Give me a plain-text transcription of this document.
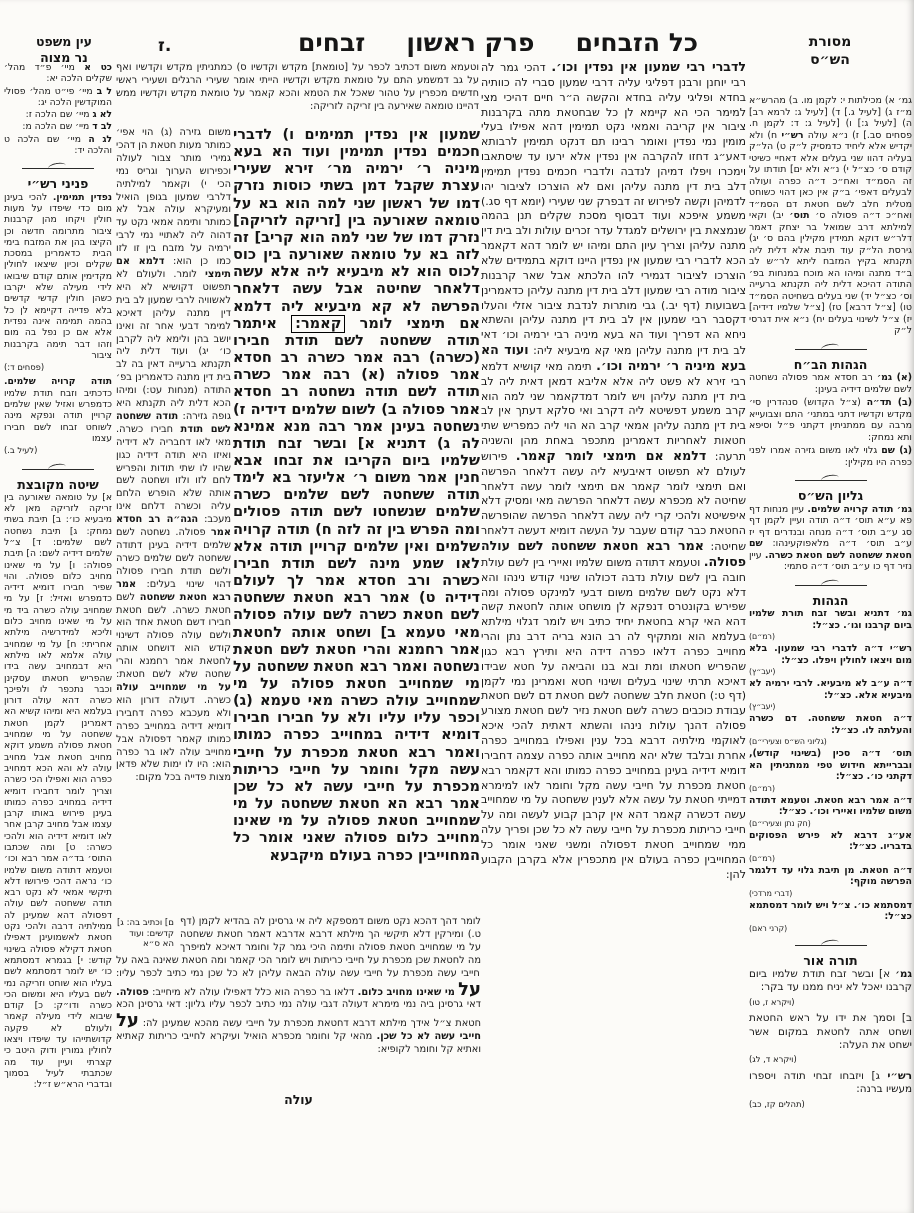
מסורת
הש״ס
כל הזבחים
פרק ראשון
זבחים
עין משפט
נר מצוה
ז.
כט א מיי׳ פ״ד מהל׳ שקלים הלכה יא:
ל ב מיי׳ פי״ט מהל׳ פסולי המוקדשין הלכה יג:
לא ג מיי׳ שם הלכה ז:
לב ד מיי׳ שם הלכה מ:
לג ה מיי׳ שם הלכה ט והלכה יד:
פניני רש״י
נפדין תמימין. להכי בעינן מום כדי שיפדו על מעות חולין ויקחו מהן קרבנות ציבור מתרומה חדשה וכן הקיצו בהן את המזבח בימי הבית כדאמרינן במסכת שקלים וכיון שיצאו לחולין מקדימין אותם קודם שיבואו לידי מעילה שלא יקרבו כשהן חולין קדשי קדשים בלא פדייה דקיימא לן כל בהמה תמימה אינה נפדית אלא אם כן נפל בה מום וזהו דבר תימה בקרבנות ציבור
(פסחים ד:)
תודה קרויה שלמים. כדכתיב וזבח תודת שלמיו כדמפרש ואזיל שאין שלמים קרויין תודה ונפקא מינה לשוחט זבחו לשם חבירו עצמו
(לעיל ב.)
שיטה מקובצת
א] על טומאה שאורעה בין זריקה לזריקה מאן לא מיבעיא כו׳: ב] תיבת בשתי נמחק: ג] תיבת נשחטה לשם שלמים: ד] צ״ל שלמים דידיה לשם: ה] תיבת פסולה: ו] על מי שאינו מחויב כלום פסולה. והוי שפיר חבירו דומיא דידיה כדמפרש ואזיל: ז] על מי שמחויב עולה כשרה ביד מי על מי שאינו מחויב כלום וליכא למידרשיה מילתא אחריתי: ח] על מי שמחויב עולה אלמא לאו מילתא היא דבמחויב עשה בידו שהפריש חטאתו עסקינן וכבר נתכפר לו ולפיכך כשרה דהא עולה דורון בעלמא היא ומיהו קשיא הא דאמרינן לקמן חטאת ששחטה על מי שמחויב חטאת פסולה משמע דוקא מחויב חטאת אבל מחויב עולה לא והא הכא דמחויב כפרה הוא ואפילו הכי כשרה וצריך לומר דחבירו דומיא דידיה במחויב כפרה כמותו בעינן פירוש באותו קרבן עצמו אבל מחויב קרבן אחר לאו דומיא דידיה הוא ולהכי כשרה: ט] ומה שכתבו התוס׳ בד״ה אמר רבא וכו׳ וטעמא דתודה משום שלמיו כו׳ נראה דהכי פירושו דלא תיקשי אמאי לא נקט רבא תודה ששחטה לשם עולה דפסולה דהא שמעינן לה ממילתיה דרבה ולהכי נקט חטאת לאשמועינן דאפילו חטאת דקילא פסולה בשינוי קודש: י] בגמרא דמסתמא כו׳ יש לומר דמסתמא לשם בעליו הוא שוחט וזריקה נמי לשם בעליו היא ומשום הכי כשרה ודו״ק: כ] קודם שיבוא לידי מעילה קאמר ולעולם לא פקעה קדושתייהו עד שיפדו ויצאו לחולין גמורין ודוק היטב כי קצרתי ועיין עוד מה שכתבתי לעיל בסמוך ובדברי הרא״ש ז״ל:
וטעמא משום דכתיב לכפר על [טומאת] מקדש וקדשיו ס) כמתניתין מקדש וקדשיו ואף על גב דמשמע התם על טומאת מקדש וקדשיו הייתי אומר שעירי הרגלים ושעירי ראשי חדשים מכפרין על טהור שאכל את הטמא והכא קאמר על טומאת מקדש וקדשיו ממש דהיינו טומאה שאירעה בין זריקה לזריקה:
משום גזירה (ג) הוי אפי׳ כמותר מעות חטאת הן דהכי גמירי מותר צבור לעולה וכפירוש הערוך וגריס נמי הכי י) וקאמר למילתיה דלרבי שמעון בגופן הואיל ומעיקרא עולה אבל לא כמותר ותימה אמאי נקט עד דהוה ליה לאתויי נמי לרבי ירמיה על מזבח בין זו לזו כמו כן הוא: דלמא אם תימצי לומר. ולעולם לא תפשוט דקושיא לא היא לאשוויה לרבי שמעון לב בית דין מתנה עליהן דאיכא למימר דבעי אחר זה ואינו יושב בהן ולימא ליה לקרבן כו׳ יג) ועוד דלית ליה תקנתא ברעייה דאין בה לב בית דין מתנה כדאמרינן בפ׳ התודה (מנחות עט:) ומיהו הכא דלית ליה תקנתא היא גופה גזירה: תודה ששחטה לשם תודת חבירו כשרה. מאי לאו דחבריה לא דידיה ואיזו היא תודה דידיה כגון שהיו לו שתי תודות והפריש לחם לזו ולזו ושחטה לשם אותה שלא הופרש הלחם עליה וכשרה דלחם אינו מעכב: הגה״ה רב חסדא אמר פסולה. נשחטה לשם שלמים דידיה בעינן דתודה ששחטה לשם שלמים כשרה ולשם תודת חבירו פסולה דהוי שינוי בעלים: אמר רבא חטאת ששחטה לשם חטאת כשרה. לשם חטאת חבירו דשם חטאת אחד הוא ולשם עולה פסולה דשינוי קודש הוא דושחט אותה לחטאת אמר רחמנא והרי שחטה שלא לשם חטאת: על מי שמחוייב עולה כשרה. דעולה דורון הוא ולא מעכבא כפרה דחבירו דומיא דידיה במחוייב כפרה כמותו קאמר דפסולה אבל מחוייב עולה לאו בר כפרה הוא: היו לו ימות שלא פדאן מצות פדייה בכל מקום:
שמעון אין נפדין תמימים ו) לדברי חכמים נפדין תמימין ועוד הא בעא מיניה ר׳ ירמיה מר׳ זירא שעירי עצרת שקבל דמן בשתי כוסות נזרק דמו של ראשון שני למה הוא בא על טומאה שאורעה בין [זריקה לזריקה] נזרק דמו של שני למה הוא קריב] זה לזה בא על טומאה שאורעה בין כוס לכוס הוא לא מיבעיא ליה אלא עשה דלאחר שחיטה אבל עשה דלאחר הפרשה לא קא מיבעיא ליה דלמא אם תימצי לומר קאמר: איתמר תודה ששחטה לשם תודת חבירו (כשרה) רבה אמר כשרה רב חסדא אמר פסולה (א) רבה אמר כשרה תודה לשם תודה נשחטה רב חסדא אמר פסולה ב) לשום שלמים דידיה ז) נשחטה בעינן אמר רבה מנא אמינא לה ג) דתניא א] ובשר זבח תודת שלמיו ביום הקריבו את זבחו אבא חנין אמר משום ר׳ אליעזר בא לימד תודה ששחטה לשם שלמים כשרה שלמים שנשחטו לשם תודה פסולים ומה הפרש בין זה לזה ח) תודה קרויה שלמים ואין שלמים קרויין תודה אלא לאו שמע מינה לשם תודת חבירו כשרה ורב חסדא אמר לך לעולם דידיה ט) אמר רבא חטאת ששחטה לשם חטאת כשרה לשם עולה פסולה מאי טעמא ב] ושחט אותה לחטאת אמר רחמנא והרי חטאת לשם חטאת נשחטה ואמר רבא חטאת ששחטה על מי שמחוייב חטאת פסולה על מי שמחוייב עולה כשרה מאי טעמא (ג) וכפר עליו עליו ולא על חבירו חבירו דומיא דידיה במחוייב כפרה כמותו ואמר רבא חטאת מכפרת על חייבי עשה מקל וחומר על חייבי כריתות מכפרת על חייבי עשה לא כל שכן אמר רבא הא חטאת ששחטה על מי שמחוייב חטאת פסולה על מי שאינו מחוייב כלום פסולה שאני אומר כל המחוייבין כפרה בעולם מיקבעא
לדברי רבי שמעון אין נפדין וכו׳. דהכי גמר לה רבי יוחנן ורבנן דפליגי עליה דרבי שמעון סברי לה כוותיה בחדא ופליגי עליה בחדא והקשה ה״ר חיים דהיכי מצי למימר הכי הא קיימא לן כל שבחטאת מתה בקרבנות ציבור אין קריבה ואמאי נקט תמימין דהא אפילו בעלי מומין נמי נפדין ואומר רבינו תם דנקט תמימין לרבותא דאע״ג דחזו להקרבה אין נפדין אלא ירעו עד שיסתאבו וימכרו ויפלו דמיהן לנדבה ולדברי חכמים נפדין תמימין דלב בית דין מתנה עליהן ואם לא הוצרכו לציבור יהו לדמיהן וקשה לפירוש זה דבפרק שני שעירי (יומא דף סג.) משמע איפכא ועוד דבסוף מסכת שקלים תנן בהמה שנמצאת בין ירושלים למגדל עדר זכרים עולות ולב בית דין מתנה עליהן וצריך עיון התם ומיהו יש לומר דהא דקאמר הכא לדברי רבי שמעון אין נפדין היינו דוקא בתמידים שלא הוצרכו לציבור דגמירי להו הלכתא אבל שאר קרבנות ציבור מודה רבי שמעון דלב בית דין מתנה עליהן כדאמרינן בשבועות (דף יב.) גבי מותרות לנדבת ציבור אזלי והעלו דקסבר רבי שמעון אין לב בית דין מתנה עליהן והשתא ניחא הא דפריך ועוד הא בעא מיניה רבי ירמיה וכו׳ דאי לב בית דין מתנה עליהן מאי קא מיבעיא ליה: ועוד הא בעא מיניה ר׳ ירמיה וכו׳. תימה מאי קושיא דלמא רבי זירא לא פשט ליה אלא אליבא דמאן דאית ליה לב בית דין מתנה עליהן ויש לומר דמדקאמר שני למה הוא קרב משמע דפשיטא ליה דקרב ואי סלקא דעתך אין לב בית דין מתנה עליהן אמאי קרב הא הוי ליה כמפריש שתי חטאות לאחריות דאמרינן מתכפר באחת מהן והשניה תרעה: דלמא אם תימצי לומר קאמר. פירוש לעולם לא תפשוט דאיבעיא ליה עשה דלאחר הפרשה ואם תימצי לומר קאמר אם תימצי לומר עשה דלאחר שחיטה לא מכפרא עשה דלאחר הפרשה מאי ומסיק דלא איפשיטא ולהכי קרי ליה עשה דלאחר הפרשה שהופרשה החטאת כבר קודם שעבר על העשה דומיא דעשה דלאחר שחיטה: אמר רבא חטאת ששחטה לשם עולה פסולה. וטעמא דתודה משום שלמיו ואיירי בין לשם עולת חובה בין לשם עולת נדבה דכולהו שינוי קודש נינהו והא דלא נקט לשם שלמים משום דבעי למינקט פסולה ומה שפירש בקונטרס דנפקא לן מושחט אותה לחטאת קשה דהא האי קרא בחטאת יחיד כתיב ויש לומר דגלוי מילתא בעלמא הוא ומתקיף לה רב הונא בריה דרב נתן והרי מחוייב כפרה דלאו כפרה דידה היא ותירץ רבא כגון שהפריש חטאתו ומת ובא בנו והביאה על חטא שבידו דאיכא תרתי שינוי בעלים ושינוי חטא ואמרינן נמי לקמן (דף ט:) חטאת חלב ששחטה לשם חטאת דם לשם חטאת עבודת כוכבים כשרה לשם חטאת נזיר לשם חטאת מצורע פסולה דהנך עולות נינהו והשתא דאתית להכי איכא לאוקמי מילתיה דרבא בכל ענין ואפילו במחוייב כפרה אחרת ובלבד שלא יהא מחוייב אותה כפרה עצמה דחבירו דומיא דידיה בעינן במחוייב כפרה כמותו והא דקאמר רבא חטאת מכפרת על חייבי עשה מקל וחומר לאו למימרא דמייתי חטאת על עשה אלא לענין ששחטה על מי שמחוייב עשה דכשרה קאמר דהא אין קרבן קבוע לעשה ומה על חייבי כריתות מכפרת על חייבי עשה לא כל שכן ופריך עלה ממי שמחוייב חטאת דפסולה ומשני שאני אומר כל המחוייבין כפרה בעולם אין מתכפרין אלא בקרבן הקבוע להן:
גמ׳ א) מכילתות י: לקמן מו. ב) מהרש״א מ״ז ג) [לעיל ג.] ד) [לעיל ג: לרמא רב] ה) [לעיל ג:] ו) [לעיל ג: ד: לקמן ח. פסחים סב.] ז) נ״א עולה רש״י ח) ולא יקדיש אלא ליחיד כדמסיק ל״ק ט) הל״ק בעליה דהוו שני בעלים אלא דאחיי כשיטי קודם ס׳ כצ״ל י) נ״א ולא ים] תודתו על זה הסמ״ד ואח״כ ד״ה כפרה ועולה לבעלים דאפי׳ ב״ק אין כאן דהוי כשוחט מטלית חלב לשם חטאת דם הסמ״ד ואח״כ ד״ה פסולה ס׳ תוס׳ יב) וקאי למילתא דרב שמואל בר יצחק דאמר דלר״ש דוקא תמידין מקילין בהם ס׳ יג) גירסת הל״ק עוד תיבת אלא דלית ליה תקנתא בקיץ המזבח ליתא לר״ש לב ב״ד מתנה ומיהו הא מוכח במנחות בפ׳ התודה דהיכא דלית ליה תקנתא ברעייה וס׳ כצ״ל יד) שני בעלים בשחיטה הסמ״ד טו) [צ״ל דרבא] טז) [צ״ל שלמיו דידיה] יז) צ״ל לשינוי בעלים יח) נ״א אית דגרסי ל״ק
הגהות הב״ח
(א) גמ׳ רב חסדא אמר פסולה נשחטה לשם שלמים דידיה בעינן:
(ב) תד״ה (צ״ל הקדוש) סנהדרין סי׳ מקדש וקדשיו דתני במתני׳ התם וצבועייא מרבה עם ממתניתין דקתני פ״ל וסיפא ותא נמחק:
(ג) שם גלוי לאו משום גזירה אמרו לפני כפרה היו מקילין:
גליון הש״ס
גמ׳ תודה קרויה שלמים. עיין מנחות דף פא ע״א תוס׳ ד״ה תודה ועיין לקמן דף סג ע״ב תוס׳ ד״ה מנחה ובנדרים דף יז ע״ב תוס׳ ד״ה מלאפוקעינהו: שם חטאת ששחטה לשם חטאת כשרה. עיין נזיר דף כו ע״ב תוס׳ ד״ה סתמי:
הגהות
גמ׳ דתניא ובשר זבח תורת שלמיו ביום קרבנו וגו׳. כצ״ל:
(רמ״ם)
רש״י ד״ה לדברי רבי שמעון. בלא מום ויצאו לחולין ויפלו. כצ״ל:
(יעב״ץ)
ד״ה ע״ב לא מיבעיא. לרבי ירמיה לא מיבעיא אלא. כצ״ל:
(יעב״ץ)
ד״ה חטאת ששחטה. דם כשרה והעלתה לו. כצ״ל:
(גליוני הש״ס וצעירי״ם)
תוס׳ ד״ה סכין (בשינוי קודש), ובברייתא חידוש טפי ממתניתין הא דקתני כו׳. כצ״ל:
(רמ״ם)
ד״ה אמר רבא חטאת. וטעמא דתודה משום שלמיו ואיירי וכו׳. כצ״ל:
(חק נתן וצעירי״ם)
אע״ג דרבא לא פירש הפסוקים בדבריו. כצ״ל:
(רמ״ם)
ד״ה חטאת. מן תיבת גלוי עד דלגמר הפרשה מוקף:
(דברי מרדכי)
דמסתמא כו׳. צ״ל ויש לומר דמסתמא כצ״ל:
(קרני ראם)
תורה אור
גמ׳ א] ובשר זבח תודת שלמיו ביום קרבנו יאכל לא יניח ממנו עד בקר:
(ויקרא ז, טו)
ב] וסמך את ידו על ראש החטאת ושחט אתה לחטאת במקום אשר ישחט את העלה:
(ויקרא ד, לג)
רש״י ג] ויזבחו זבחי תודה ויספרו מעשיו ברנה:
(תהלים קז, כב)
ם] וכתיב בה: ג] קדשים: ועוד הא ס״א
לומר דהך דהכא נקט משום דמספקא ליה אי גרסינן לה בהדיא לקמן (דף ט.) ומירקין דלא תיקשי הך מילתא דרבא אדרבא דאמר חטאת ששחטה על מי שמחוייב חטאת פסולה ותימה היכי גמר קל וחומר דאיכא למיפרך מה לחטאת שכן מכפרת על חייבי כריתות ויש לומר הכי קאמר ומה חטאת שאינה באה על חייבי עשה מכפרת על חייבי עשה עולה הבאה עליהן לא כל שכן נמי כתיב לכפר עליו: על מי שאינו מחויב כלום. דלאו בר כפרה הוא כלל דאפילו עולה לא מיחייב: פסולה. דאי גרסינן ביה נמי מימרא דעולה דגבי עולה נמי כתיב לכפר עליו גליון: דאי גרסינן הכא חטאת צ״ל אידך מילתא דרבא דחטאת מכפרת על חייבי עשה מהכא שמעינן לה: על חייבי עשה לא כל שכן. מהאי קל וחומר מכפרא הואיל ועיקרא לחייבי כריתות קאתיא ואתיא קל וחומר לקופיא:
עולה
